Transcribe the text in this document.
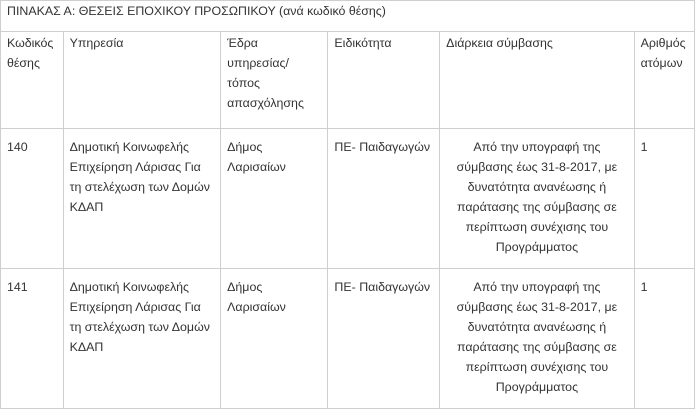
ΠΙΝΑΚΑΣ Α: ΘΕΣΕΙΣ ΕΠΟΧΙΚΟΥ ΠΡΟΣΩΠΙΚΟΥ (ανά κωδικό θέσης)					
Κωδικός θέσης	Υπηρεσία	Έδρα υπηρεσίας/ τόπος απασχόλησης	Ειδικότητα	Διάρκεια σύμβασης	Αριθμός ατόμων
140	Δημοτική Κοινωφελής Επιχείρηση Λάρισας Για τη στελέχωση των Δομών ΚΔΑΠ	Δήμος Λαρισαίων	ΠΕ- Παιδαγωγών	Από την υπογραφή της σύμβασης έως 31-8-2017, με δυνατότητα ανανέωσης ή παράτασης της σύμβασης σε περίπτωση συνέχισης του Προγράμματος	1
141	Δημοτική Κοινωφελής Επιχείρηση Λάρισας Για τη στελέχωση των Δομών ΚΔΑΠ	Δήμος Λαρισαίων	ΠΕ- Παιδαγωγών	Από την υπογραφή της σύμβασης έως 31-8-2017, με δυνατότητα ανανέωσης ή παράτασης της σύμβασης σε περίπτωση συνέχισης του Προγράμματος	1
